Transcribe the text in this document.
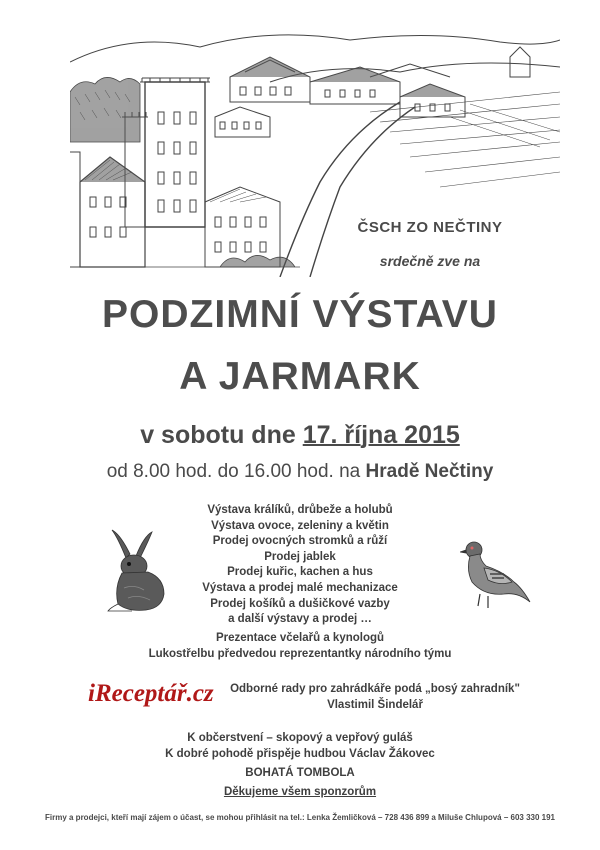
ČSCH ZO NEČTINY
srdečně zve na
PODZIMNÍ VÝSTAVU
A JARMARK
v sobotu dne 17. října 2015
od 8.00 hod. do 16.00 hod. na Hradě Nečtiny
Výstava králíků, drůbeže a holubů
Výstava ovoce, zeleniny a květin
Prodej ovocných stromků a růží
Prodej jablek
Prodej kuřic, kachen a hus
Výstava a prodej malé mechanizace
Prodej košíků a dušičkové vazby
a další výstavy a prodej …
Prezentace včelařů a kynologů
Lukostřelbu předvedou reprezentantky národního týmu
iReceptář.cz	Odborné rady pro zahrádkáře podá „bosý zahradník"
Vlastimil Šindelář
K občerstvení – skopový a vepřový guláš
K dobré pohodě přispěje hudbou Václav Žákovec
BOHATÁ TOMBOLA
Děkujeme všem sponzorům
Firmy a prodejci, kteří mají zájem o účast, se mohou přihlásit na tel.: Lenka Žemličková – 728 436 899 a Miluše Chlupová – 603 330 191
